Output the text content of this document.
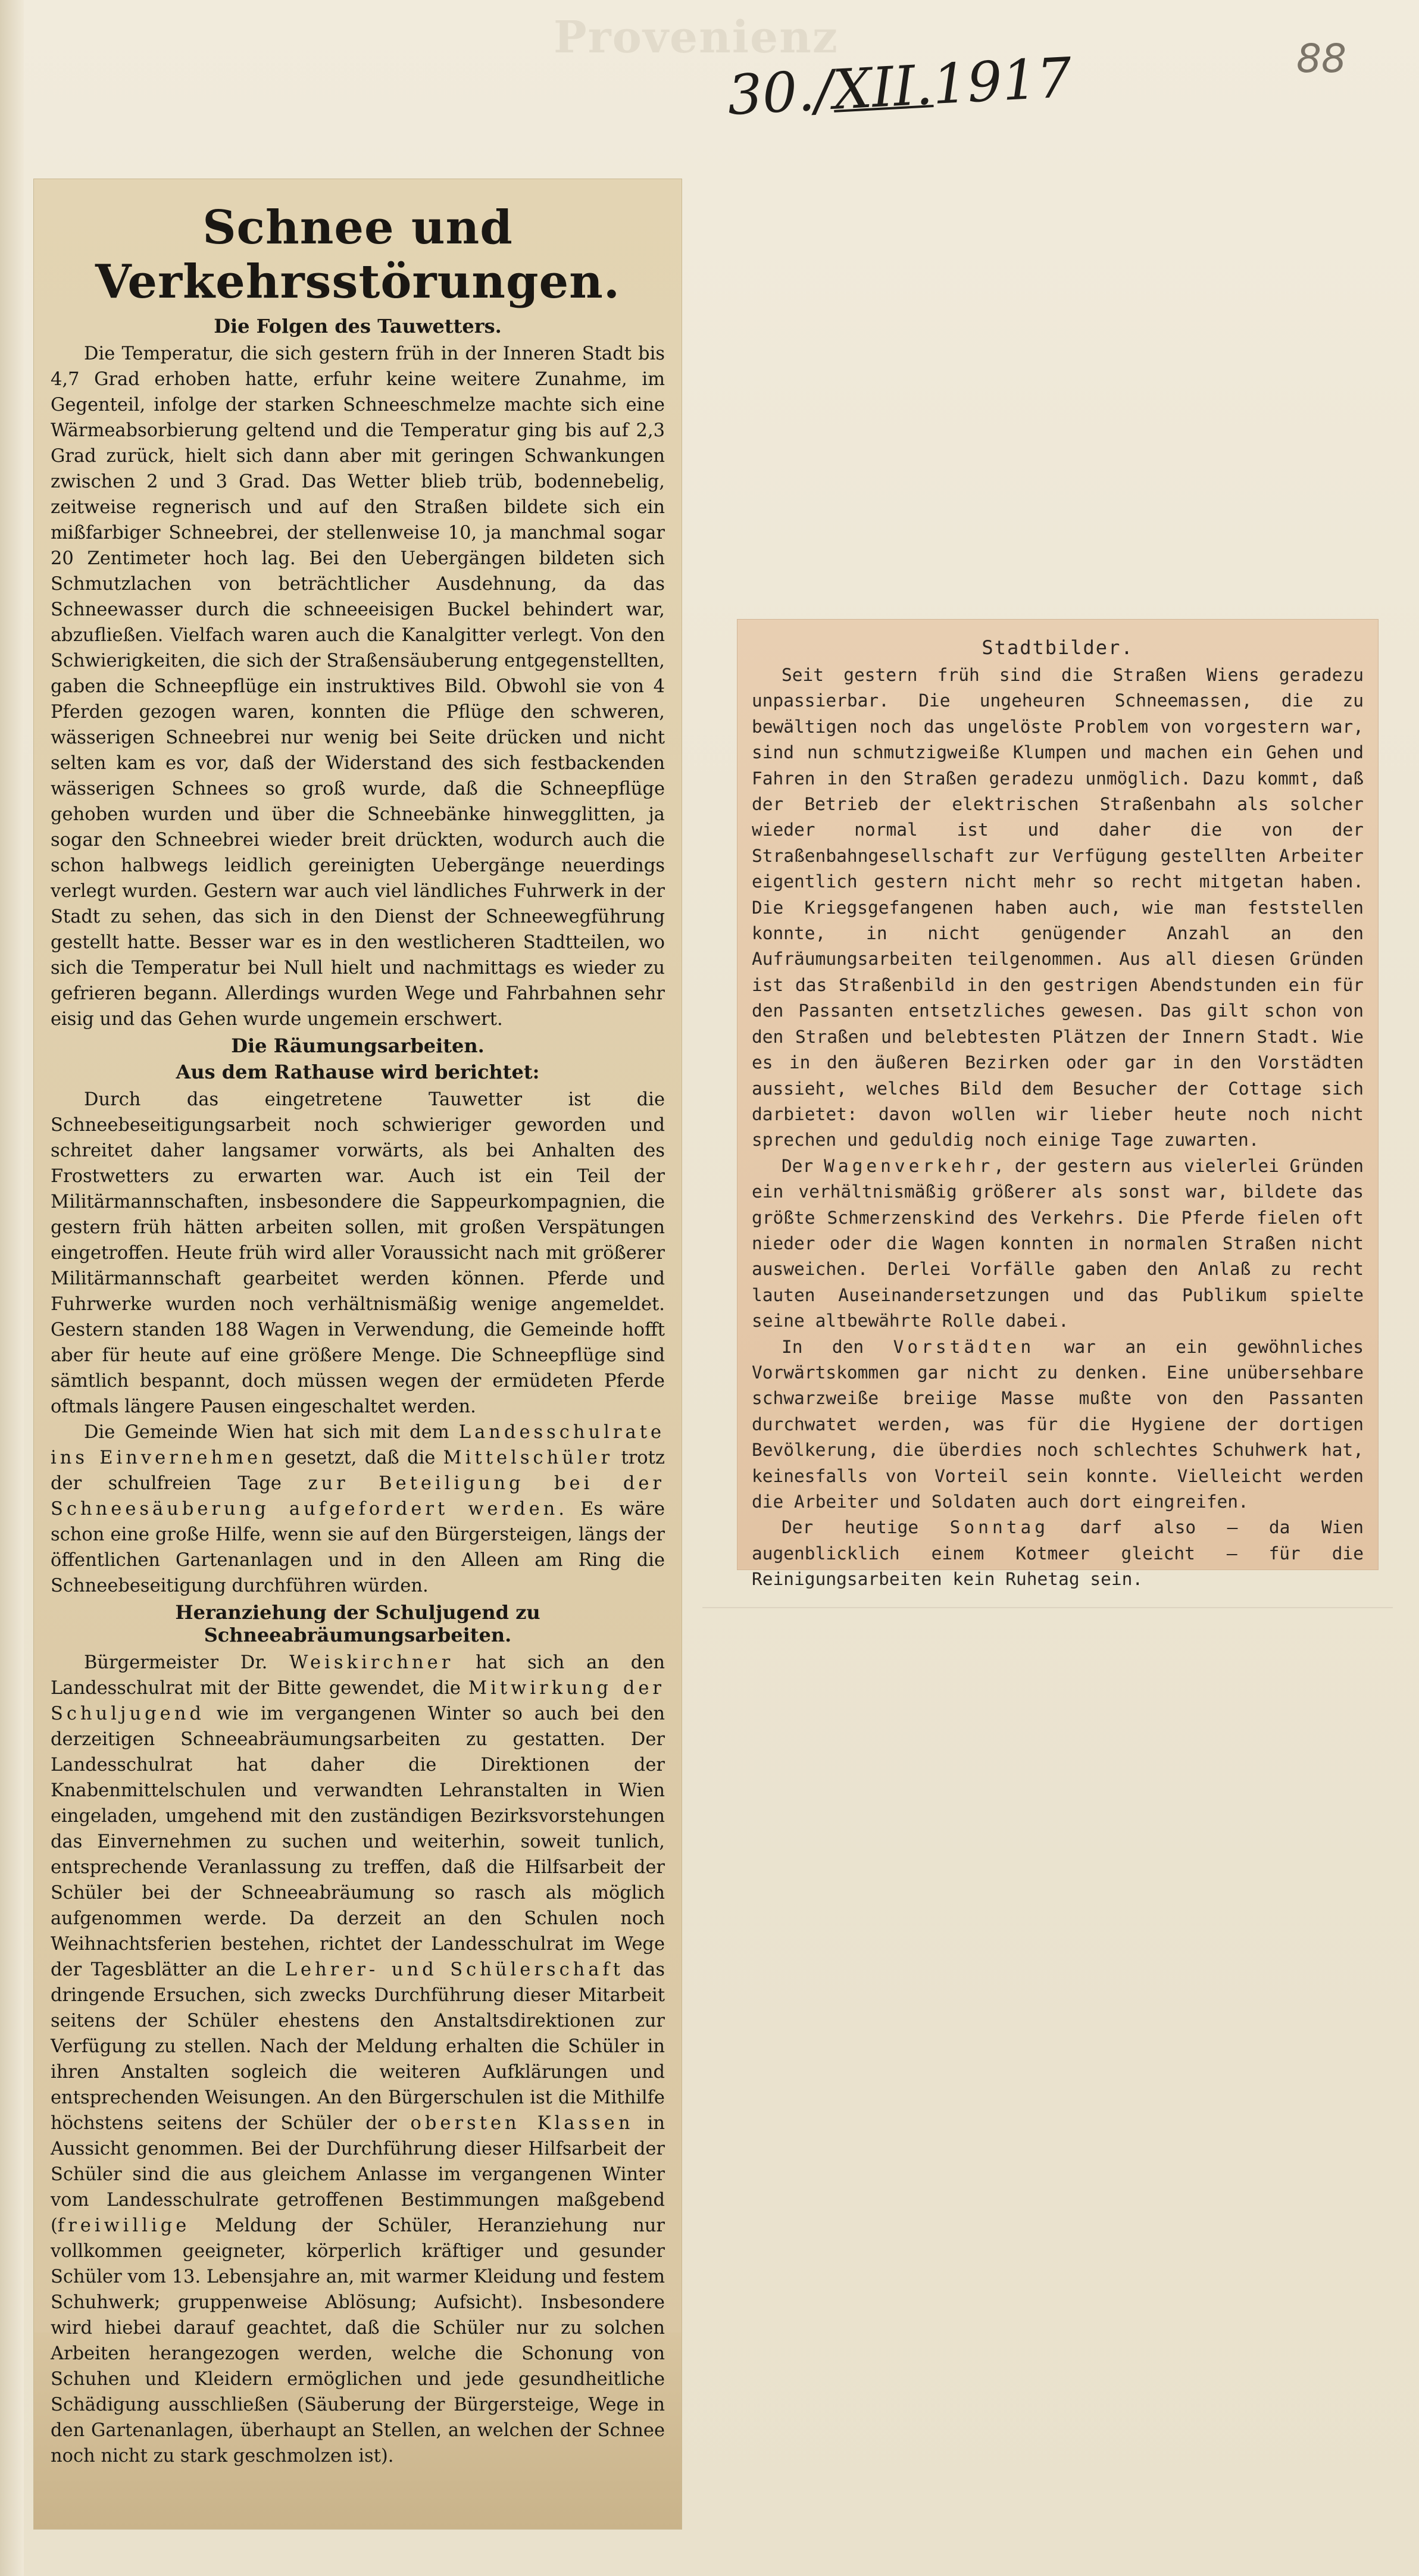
Provenienz	88
30./XII.1917
Schnee und Verkehrsstörungen.
Die Folgen des Tauwetters.

Die Temperatur, die sich gestern früh in der Inneren Stadt bis 4,7 Grad erhoben hatte, erfuhr keine weitere Zunahme, im Gegenteil, infolge der starken Schneeschmelze machte sich eine Wärmeabsorbierung geltend und die Temperatur ging bis auf 2,3 Grad zurück, hielt sich dann aber mit geringen Schwankungen zwischen 2 und 3 Grad. Das Wetter blieb trüb, bodennebelig, zeitweise regnerisch und auf den Straßen bildete sich ein mißfarbiger Schneebrei, der stellenweise 10, ja manchmal sogar 20 Zentimeter hoch lag. Bei den Uebergängen bildeten sich Schmutzlachen von beträchtlicher Ausdehnung, da das Schneewasser durch die schneeeisigen Buckel behindert war, abzufließen. Vielfach waren auch die Kanalgitter verlegt. Von den Schwierigkeiten, die sich der Straßensäuberung entgegenstellten, gaben die Schneepflüge ein instruktives Bild. Obwohl sie von 4 Pferden gezogen waren, konnten die Pflüge den schweren, wässerigen Schneebrei nur wenig bei Seite drücken und nicht selten kam es vor, daß der Widerstand des sich festbackenden wässerigen Schnees so groß wurde, daß die Schneepflüge gehoben wurden und über die Schneebänke hinwegglitten, ja sogar den Schneebrei wieder breit drückten, wodurch auch die schon halbwegs leidlich gereinigten Uebergänge neuerdings verlegt wurden. Gestern war auch viel ländliches Fuhrwerk in der Stadt zu sehen, das sich in den Dienst der Schneewegführung gestellt hatte. Besser war es in den westlicheren Stadtteilen, wo sich die Temperatur bei Null hielt und nachmittags es wieder zu gefrieren begann. Allerdings wurden Wege und Fahrbahnen sehr eisig und das Gehen wurde ungemein erschwert.

Die Räumungsarbeiten.
Aus dem Rathause wird berichtet:

Durch das eingetretene Tauwetter ist die Schneebeseitigungsarbeit noch schwieriger geworden und schreitet daher langsamer vorwärts, als bei Anhalten des Frostwetters zu erwarten war. Auch ist ein Teil der Militärmannschaften, insbesondere die Sappeurkompagnien, die gestern früh hätten arbeiten sollen, mit großen Verspätungen eingetroffen. Heute früh wird aller Voraussicht nach mit größerer Militärmannschaft gearbeitet werden können. Pferde und Fuhrwerke wurden noch verhältnismäßig wenige angemeldet. Gestern standen 188 Wagen in Verwendung, die Gemeinde hofft aber für heute auf eine größere Menge. Die Schneepflüge sind sämtlich bespannt, doch müssen wegen der ermüdeten Pferde oftmals längere Pausen eingeschaltet werden.

Die Gemeinde Wien hat sich mit dem Landesschulrate ins Einvernehmen gesetzt, daß die Mittelschüler trotz der schulfreien Tage zur Beteiligung bei der Schneesäuberung aufgefordert werden. Es wäre schon eine große Hilfe, wenn sie auf den Bürgersteigen, längs der öffentlichen Gartenanlagen und in den Alleen am Ring die Schneebeseitigung durchführen würden.

Heranziehung der Schuljugend zu Schneeabräumungsarbeiten.

Bürgermeister Dr. Weiskirchner hat sich an den Landesschulrat mit der Bitte gewendet, die Mitwirkung der Schuljugend wie im vergangenen Winter so auch bei den derzeitigen Schneeabräumungsarbeiten zu gestatten. Der Landesschulrat hat daher die Direktionen der Knabenmittelschulen und verwandten Lehranstalten in Wien eingeladen, umgehend mit den zuständigen Bezirksvorstehungen das Einvernehmen zu suchen und weiterhin, soweit tunlich, entsprechende Veranlassung zu treffen, daß die Hilfsarbeit der Schüler bei der Schneeabräumung so rasch als möglich aufgenommen werde. Da derzeit an den Schulen noch Weihnachtsferien bestehen, richtet der Landesschulrat im Wege der Tagesblätter an die Lehrer- und Schülerschaft das dringende Ersuchen, sich zwecks Durchführung dieser Mitarbeit seitens der Schüler ehestens den Anstaltsdirektionen zur Verfügung zu stellen. Nach der Meldung erhalten die Schüler in ihren Anstalten sogleich die weiteren Aufklärungen und entsprechenden Weisungen. An den Bürgerschulen ist die Mithilfe höchstens seitens der Schüler der obersten Klassen in Aussicht genommen. Bei der Durchführung dieser Hilfsarbeit der Schüler sind die aus gleichem Anlasse im vergangenen Winter vom Landesschulrate getroffenen Bestimmungen maßgebend (freiwillige Meldung der Schüler, Heranziehung nur vollkommen geeigneter, körperlich kräftiger und gesunder Schüler vom 13. Lebensjahre an, mit warmer Kleidung und festem Schuhwerk; gruppenweise Ablösung; Aufsicht). Insbesondere wird hiebei darauf geachtet, daß die Schüler nur zu solchen Arbeiten herangezogen werden, welche die Schonung von Schuhen und Kleidern ermöglichen und jede gesundheitliche Schädigung ausschließen (Säuberung der Bürgersteige, Wege in den Gartenanlagen, überhaupt an Stellen, an welchen der Schnee noch nicht zu stark geschmolzen ist).

Stadtbilder.

Seit gestern früh sind die Straßen Wiens geradezu unpassierbar. Die ungeheuren Schneemassen, die zu bewältigen noch das ungelöste Problem von vorgestern war, sind nun schmutzigweiße Klumpen und machen ein Gehen und Fahren in den Straßen geradezu unmöglich. Dazu kommt, daß der Betrieb der elektrischen Straßenbahn als solcher wieder normal ist und daher die von der Straßenbahngesellschaft zur Verfügung gestellten Arbeiter eigentlich gestern nicht mehr so recht mitgetan haben. Die Kriegsgefangenen haben auch, wie man feststellen konnte, in nicht genügender Anzahl an den Aufräumungsarbeiten teilgenommen. Aus all diesen Gründen ist das Straßenbild in den gestrigen Abendstunden ein für den Passanten entsetzliches gewesen. Das gilt schon von den Straßen und belebtesten Plätzen der Innern Stadt. Wie es in den äußeren Bezirken oder gar in den Vorstädten aussieht, welches Bild dem Besucher der Cottage sich darbietet: davon wollen wir lieber heute noch nicht sprechen und geduldig noch einige Tage zuwarten.

Der Wagenverkehr, der gestern aus vielerlei Gründen ein verhältnismäßig größerer als sonst war, bildete das größte Schmerzenskind des Verkehrs. Die Pferde fielen oft nieder oder die Wagen konnten in normalen Straßen nicht ausweichen. Derlei Vorfälle gaben den Anlaß zu recht lauten Auseinandersetzungen und das Publikum spielte seine altbewährte Rolle dabei.

In den Vorstädten war an ein gewöhnliches Vorwärtskommen gar nicht zu denken. Eine unübersehbare schwarzweiße breiige Masse mußte von den Passanten durchwatet werden, was für die Hygiene der dortigen Bevölkerung, die überdies noch schlechtes Schuhwerk hat, keinesfalls von Vorteil sein konnte. Vielleicht werden die Arbeiter und Soldaten auch dort eingreifen.

Der heutige Sonntag darf also — da Wien augenblicklich einem Kotmeer gleicht — für die Reinigungsarbeiten kein Ruhetag sein.
